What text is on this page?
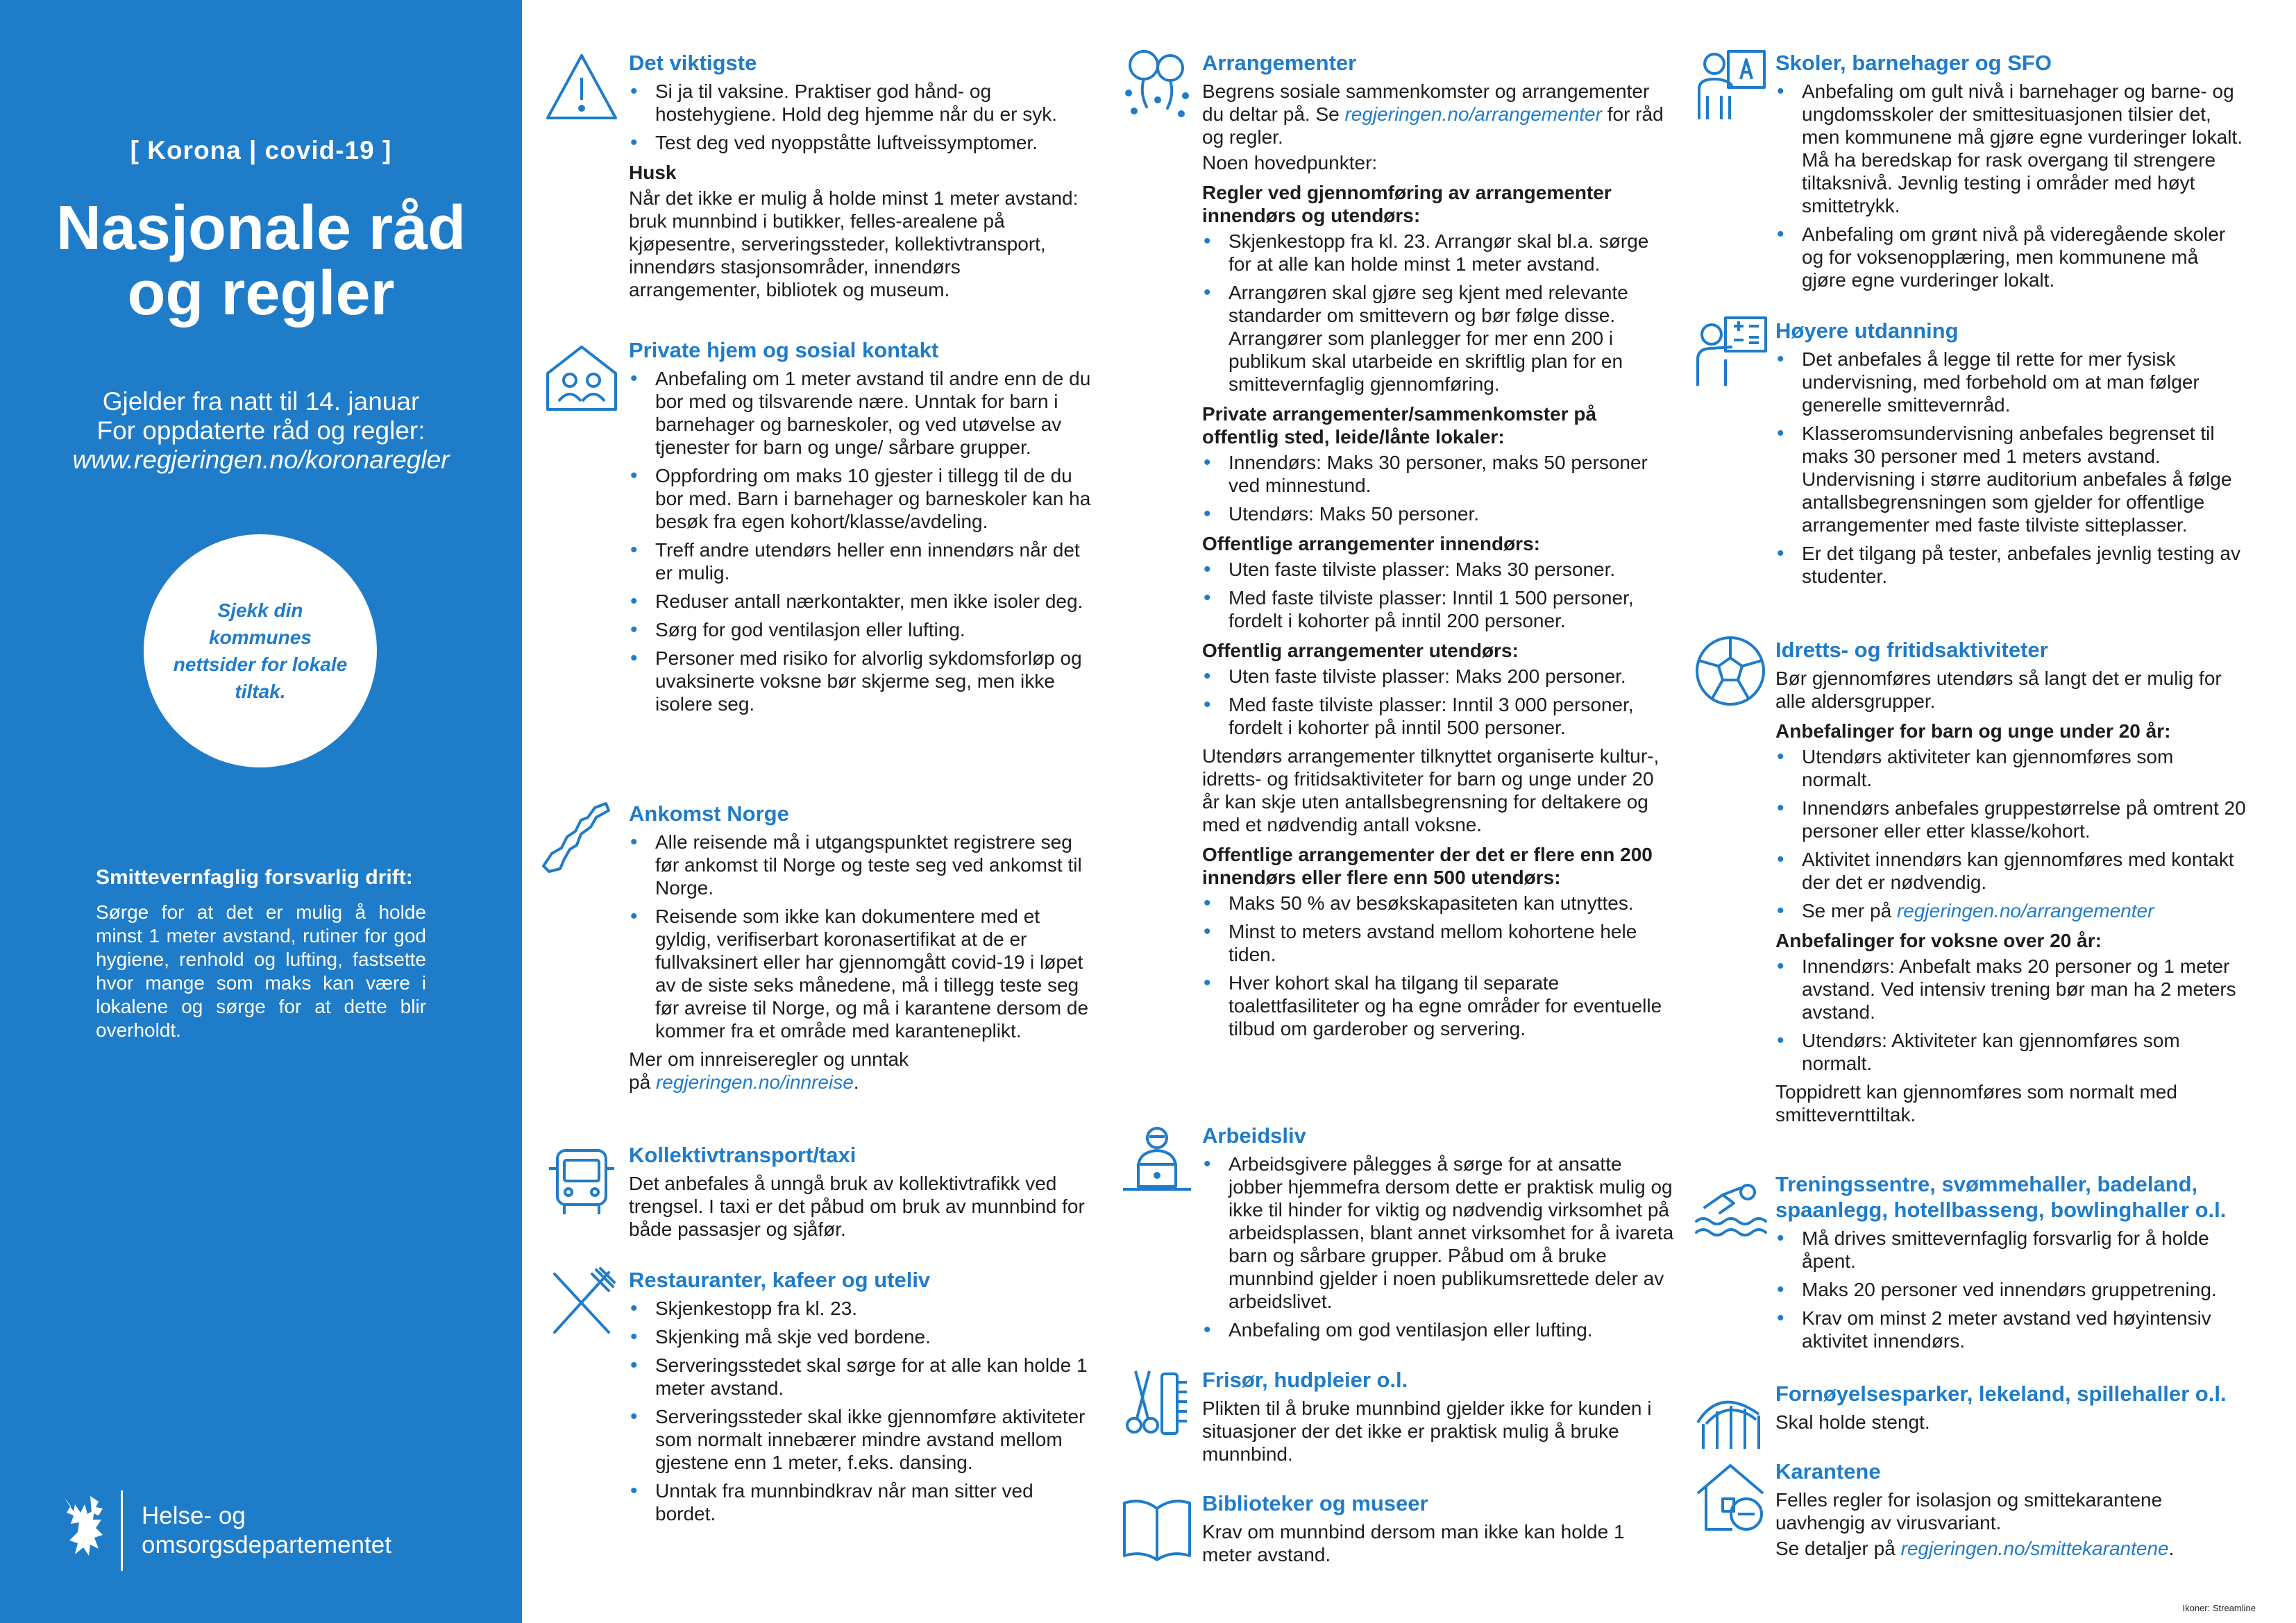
[ Korona | covid-19 ]
Nasjonale råd
og regler
Gjelder fra natt til 14. januar
For oppdaterte råd og regler:
www.regjeringen.no/koronaregler
Sjekk din kommunes nettsider for lokale tiltak.
Smittevernfaglig forsvarlig drift:
Sørge for at det er mulig å holde minst 1 meter avstand, rutiner for god hygiene, renhold og lufting, fastsette hvor mange som maks kan være i lokalene og sørge for at dette blir overholdt.
Helse- og
omsorgsdepartementet
Det viktigste
• Si ja til vaksine. Praktiser god hånd- og hostehygiene. Hold deg hjemme når du er syk.
• Test deg ved nyoppståtte luftveissymptomer.
Husk

Når det ikke er mulig å holde minst 1 meter avstand: bruk munnbind i butikker, felles-arealene på kjøpesentre, serveringssteder, kollektivtransport, innendørs stasjonsområder, innendørs arrangementer, bibliotek og museum.

Private hjem og sosial kontakt
• Anbefaling om 1 meter avstand til andre enn de du bor med og tilsvarende nære. Unntak for barn i barnehager og barneskoler, og ved utøvelse av tjenester for barn og unge/ sårbare grupper.
• Oppfordring om maks 10 gjester i tillegg til de du bor med. Barn i barnehager og barneskoler kan ha besøk fra egen kohort/klasse/avdeling.
• Treff andre utendørs heller enn innendørs når det er mulig.
• Reduser antall nærkontakter, men ikke isoler deg.
• Sørg for god ventilasjon eller lufting.
• Personer med risiko for alvorlig sykdomsforløp og uvaksinerte voksne bør skjerme seg, men ikke isolere seg.
Ankomst Norge
• Alle reisende må i utgangspunktet registrere seg før ankomst til Norge og teste seg ved ankomst til Norge.
• Reisende som ikke kan dokumentere med et gyldig, verifiserbart koronasertifikat at de er fullvaksinert eller har gjennomgått covid-19 i løpet av de siste seks månedene, må i tillegg teste seg før avreise til Norge, og må i karantene dersom de kommer fra et område med karanteneplikt.

Mer om innreiseregler og unntak
på regjeringen.no/innreise.

Kollektivtransport/taxi

Det anbefales å unngå bruk av kollektivtrafikk ved trengsel. I taxi er det påbud om bruk av munnbind for både passasjer og sjåfør.

Restauranter, kafeer og uteliv
• Skjenkestopp fra kl. 23.
• Skjenking må skje ved bordene.
• Serveringsstedet skal sørge for at alle kan holde 1 meter avstand.
• Serveringssteder skal ikke gjennomføre aktiviteter som normalt innebærer mindre avstand mellom gjestene enn 1 meter, f.eks. dansing.
• Unntak fra munnbindkrav når man sitter ved bordet.
Arrangementer

Begrens sosiale sammenkomster og arrangementer du deltar på. Se regjeringen.no/arrangementer for råd og regler.

Noen hovedpunkter:

Regler ved gjennomføring av arrangementer innendørs og utendørs:
• Skjenkestopp fra kl. 23. Arrangør skal bl.a. sørge for at alle kan holde minst 1 meter avstand.
• Arrangøren skal gjøre seg kjent med relevante standarder om smittevern og bør følge disse. Arrangører som planlegger for mer enn 200 i publikum skal utarbeide en skriftlig plan for en smittevernfaglig gjennomføring.
Private arrangementer/sammenkomster på offentlig sted, leide/lånte lokaler:
• Innendørs: Maks 30 personer, maks 50 personer ved minnestund.
• Utendørs: Maks 50 personer.
Offentlige arrangementer innendørs:
• Uten faste tilviste plasser: Maks 30 personer.
• Med faste tilviste plasser: Inntil 1 500 personer, fordelt i kohorter på inntil 200 personer.
Offentlig arrangementer utendørs:
• Uten faste tilviste plasser: Maks 200 personer.
• Med faste tilviste plasser: Inntil 3 000 personer, fordelt i kohorter på inntil 500 personer.

Utendørs arrangementer tilknyttet organiserte kultur-, idretts- og fritidsaktiviteter for barn og unge under 20 år kan skje uten antallsbegrensning for deltakere og med et nødvendig antall voksne.

Offentlige arrangementer der det er flere enn 200 innendørs eller flere enn 500 utendørs:
• Maks 50 % av besøkskapasiteten kan utnyttes.
• Minst to meters avstand mellom kohortene hele tiden.
• Hver kohort skal ha tilgang til separate toalettfasiliteter og ha egne områder for eventuelle tilbud om garderober og servering.
Arbeidsliv
• Arbeidsgivere pålegges å sørge for at ansatte jobber hjemmefra dersom dette er praktisk mulig og ikke til hinder for viktig og nødvendig virksomhet på arbeidsplassen, blant annet virksomhet for å ivareta barn og sårbare grupper. Påbud om å bruke munnbind gjelder i noen publikumsrettede deler av arbeidslivet.
• Anbefaling om god ventilasjon eller lufting.
Frisør, hudpleier o.l.

Plikten til å bruke munnbind gjelder ikke for kunden i situasjoner der det ikke er praktisk mulig å bruke munnbind.

Biblioteker og museer

Krav om munnbind dersom man ikke kan holde 1 meter avstand.

Skoler, barnehager og SFO
• Anbefaling om gult nivå i barnehager og barne- og ungdomsskoler der smittesituasjonen tilsier det, men kommunene må gjøre egne vurderinger lokalt. Må ha beredskap for rask overgang til strengere tiltaksnivå. Jevnlig testing i områder med høyt smittetrykk.
• Anbefaling om grønt nivå på videregående skoler og for voksenopplæring, men kommunene må gjøre egne vurderinger lokalt.
Høyere utdanning
• Det anbefales å legge til rette for mer fysisk undervisning, med forbehold om at man følger generelle smittevernråd.
• Klasseromsundervisning anbefales begrenset til maks 30 personer med 1 meters avstand. Undervisning i større auditorium anbefales å følge antallsbegrensningen som gjelder for offentlige arrangementer med faste tilviste sitteplasser.
• Er det tilgang på tester, anbefales jevnlig testing av studenter.
Idretts- og fritidsaktiviteter

Bør gjennomføres utendørs så langt det er mulig for alle aldersgrupper.

Anbefalinger for barn og unge under 20 år:
• Utendørs aktiviteter kan gjennomføres som normalt.
• Innendørs anbefales gruppestørrelse på omtrent 20 personer eller etter klasse/kohort.
• Aktivitet innendørs kan gjennomføres med kontakt der det er nødvendig.
• Se mer på regjeringen.no/arrangementer
Anbefalinger for voksne over 20 år:
• Innendørs: Anbefalt maks 20 personer og 1 meter avstand. Ved intensiv trening bør man ha 2 meters avstand.
• Utendørs: Aktiviteter kan gjennomføres som normalt.

Toppidrett kan gjennomføres som normalt med smittevernttiltak.

Treningssentre, svømmehaller, badeland, spaanlegg, hotellbasseng, bowlinghaller o.l.
• Må drives smittevernfaglig forsvarlig for å holde åpent.
• Maks 20 personer ved innendørs gruppetrening.
• Krav om minst 2 meter avstand ved høyintensiv aktivitet innendørs.
Fornøyelsesparker, lekeland, spillehaller o.l.

Skal holde stengt.

Karantene

Felles regler for isolasjon og smittekarantene uavhengig av virusvariant.

Se detaljer på regjeringen.no/smittekarantene.

Ikoner: Streamline
